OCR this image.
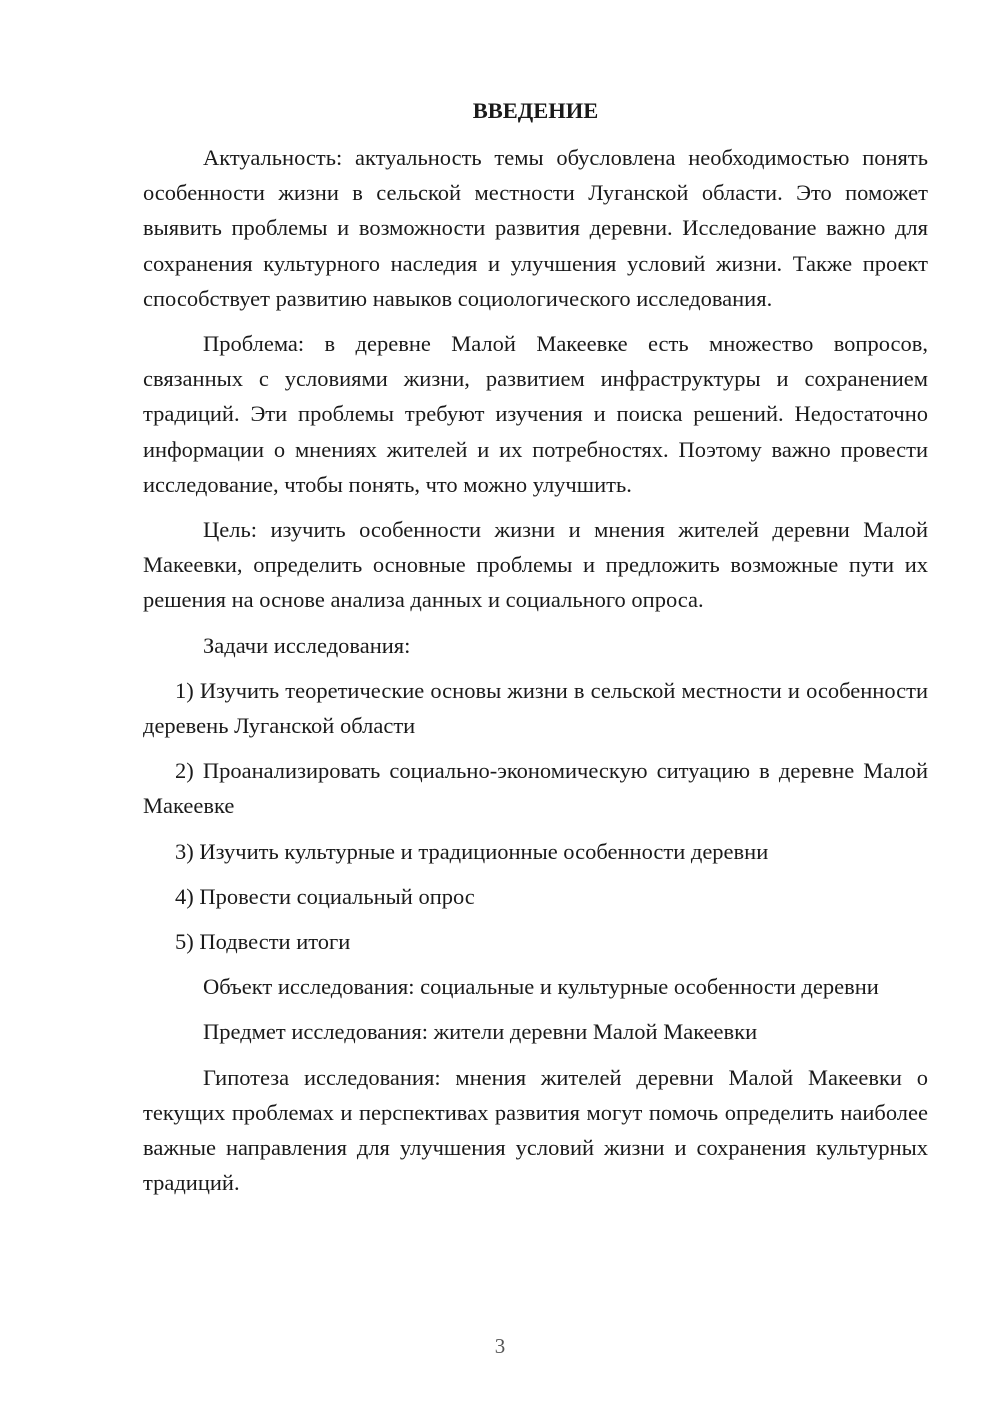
ВВЕДЕНИЕ

Актуальность: актуальность темы обусловлена необходимостью понять особенности жизни в сельской местности Луганской области. Это поможет выявить проблемы и возможности развития деревни. Исследование важно для сохранения культурного наследия и улучшения условий жизни. Также проект способствует развитию навыков социологического исследования.

Проблема: в деревне Малой Макеевке есть множество вопросов, связанных с условиями жизни, развитием инфраструктуры и сохранением традиций. Эти проблемы требуют изучения и поиска решений. Недостаточно информации о мнениях жителей и их потребностях. Поэтому важно провести исследование, чтобы понять, что можно улучшить.

Цель: изучить особенности жизни и мнения жителей деревни Малой Макеевки, определить основные проблемы и предложить возможные пути их решения на основе анализа данных и социального опроса.

Задачи исследования:

1) Изучить теоретические основы жизни в сельской местности и особенности деревень Луганской области

2) Проанализировать социально-экономическую ситуацию в деревне Малой Макеевке

3) Изучить культурные и традиционные особенности деревни

4) Провести социальный опрос

5) Подвести итоги

Объект исследования: социальные и культурные особенности деревни

Предмет исследования: жители деревни Малой Макеевки

Гипотеза исследования: мнения жителей деревни Малой Макеевки о текущих проблемах и перспективах развития могут помочь определить наиболее важные направления для улучшения условий жизни и сохранения культурных традиций.

3
